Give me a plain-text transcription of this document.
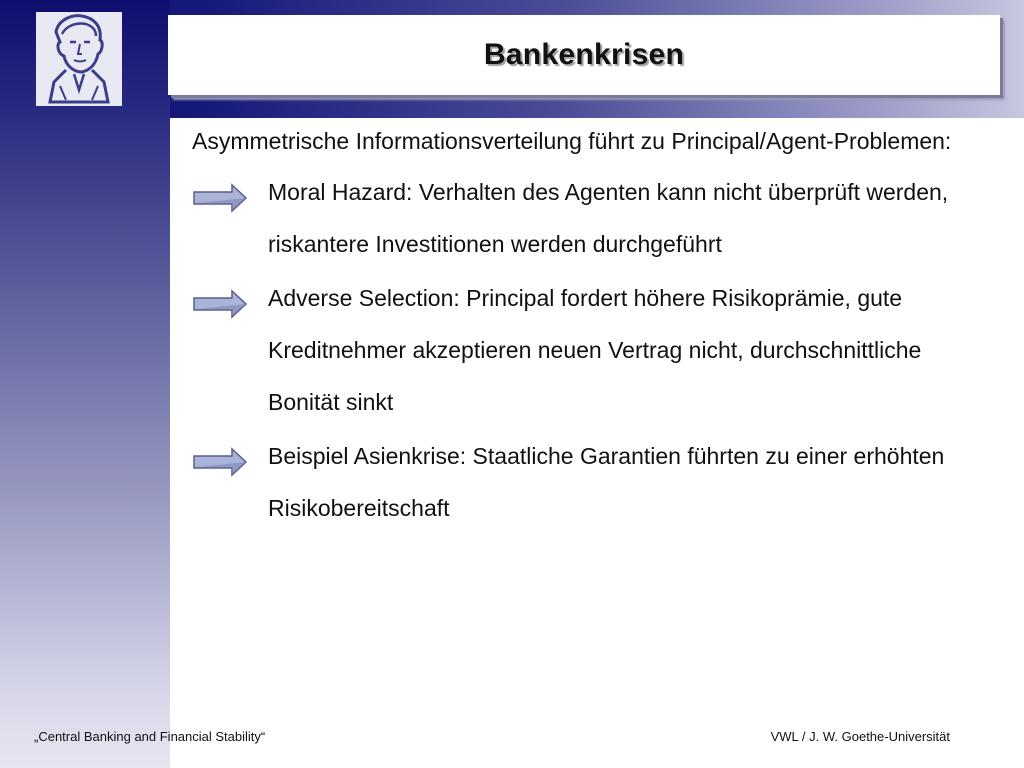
Bankenkrisen

Asymmetrische Informationsverteilung führt zu Principal/Agent-Problemen:

Moral Hazard: Verhalten des Agenten kann nicht überprüft werden, riskantere Investitionen werden durchgeführt
Adverse Selection: Principal fordert höhere Risikoprämie, gute Kreditnehmer akzeptieren neuen Vertrag nicht, durchschnittliche Bonität sinkt
Beispiel Asienkrise: Staatliche Garantien führten zu einer erhöhten Risikobereitschaft
„Central Banking and Financial Stability“	VWL / J. W. Goethe-Universität
